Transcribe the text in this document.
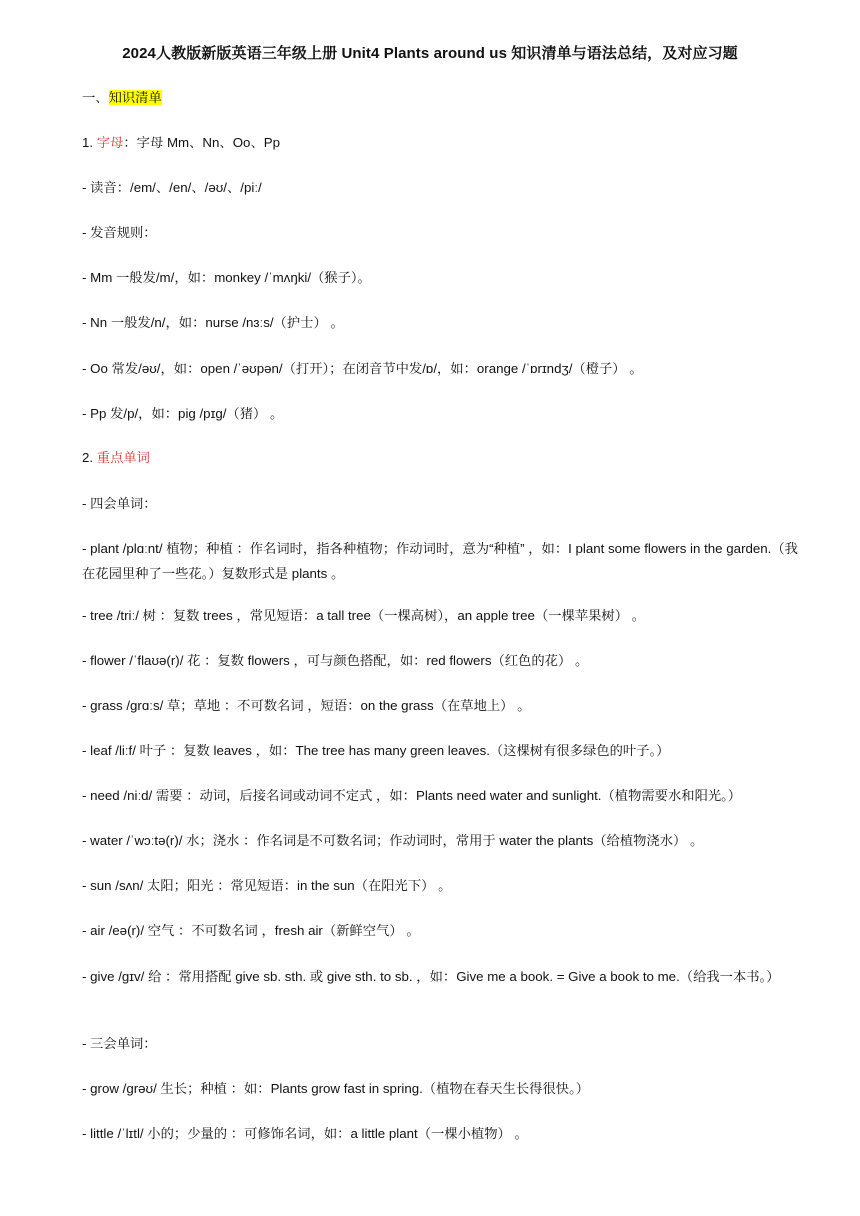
2024人教版新版英语三年级上册 Unit4 Plants around us 知识清单与语法总结，及对应习题
一、知识清单
1. 字母：字母 Mm、Nn、Oo、Pp
- 读音：/em/、/en/、/əʊ/、/piː/
- 发音规则：
- Mm 一般发/m/，如：monkey /ˈmʌŋki/（猴子）。
- Nn 一般发/n/，如：nurse /nɜːs/（护士） 。
- Oo 常发/əʊ/，如：open /ˈəʊpən/（打开）；在闭音节中发/ɒ/，如：orange /ˈɒrɪndʒ/（橙子） 。
- Pp 发/p/，如：pig /pɪɡ/（猪） 。
2. 重点单词
- 四会单词：
- plant /plɑːnt/ 植物；种植 ：作名词时，指各种植物；作动词时，意为“种植” ，如：I plant some flowers in the garden.（我在花园里种了一些花。）复数形式是 plants 。
- tree /triː/ 树 ：复数 trees ，常见短语：a tall tree（一棵高树），an apple tree（一棵苹果树） 。
- flower /ˈflaʊə(r)/ 花 ：复数 flowers ，可与颜色搭配，如：red flowers（红色的花） 。
- grass /ɡrɑːs/ 草；草地 ：不可数名词 ，短语：on the grass（在草地上） 。
- leaf /liːf/ 叶子 ：复数 leaves ，如：The tree has many green leaves.（这棵树有很多绿色的叶子。）
- need /niːd/ 需要 ：动词，后接名词或动词不定式 ，如：Plants need water and sunlight.（植物需要水和阳光。）
- water /ˈwɔːtə(r)/ 水；浇水 ：作名词是不可数名词；作动词时，常用于 water the plants（给植物浇水） 。
- sun /sʌn/ 太阳；阳光 ：常见短语：in the sun（在阳光下） 。
- air /eə(r)/ 空气 ：不可数名词 ，fresh air（新鲜空气） 。
- give /ɡɪv/ 给 ：常用搭配 give sb. sth. 或 give sth. to sb. ，如：Give me a book. = Give a book to me.（给我一本书。）
- 三会单词：
- grow /ɡrəʊ/ 生长；种植 ：如：Plants grow fast in spring.（植物在春天生长得很快。）
- little /ˈlɪtl/ 小的；少量的 ：可修饰名词，如：a little plant（一棵小植物） 。
